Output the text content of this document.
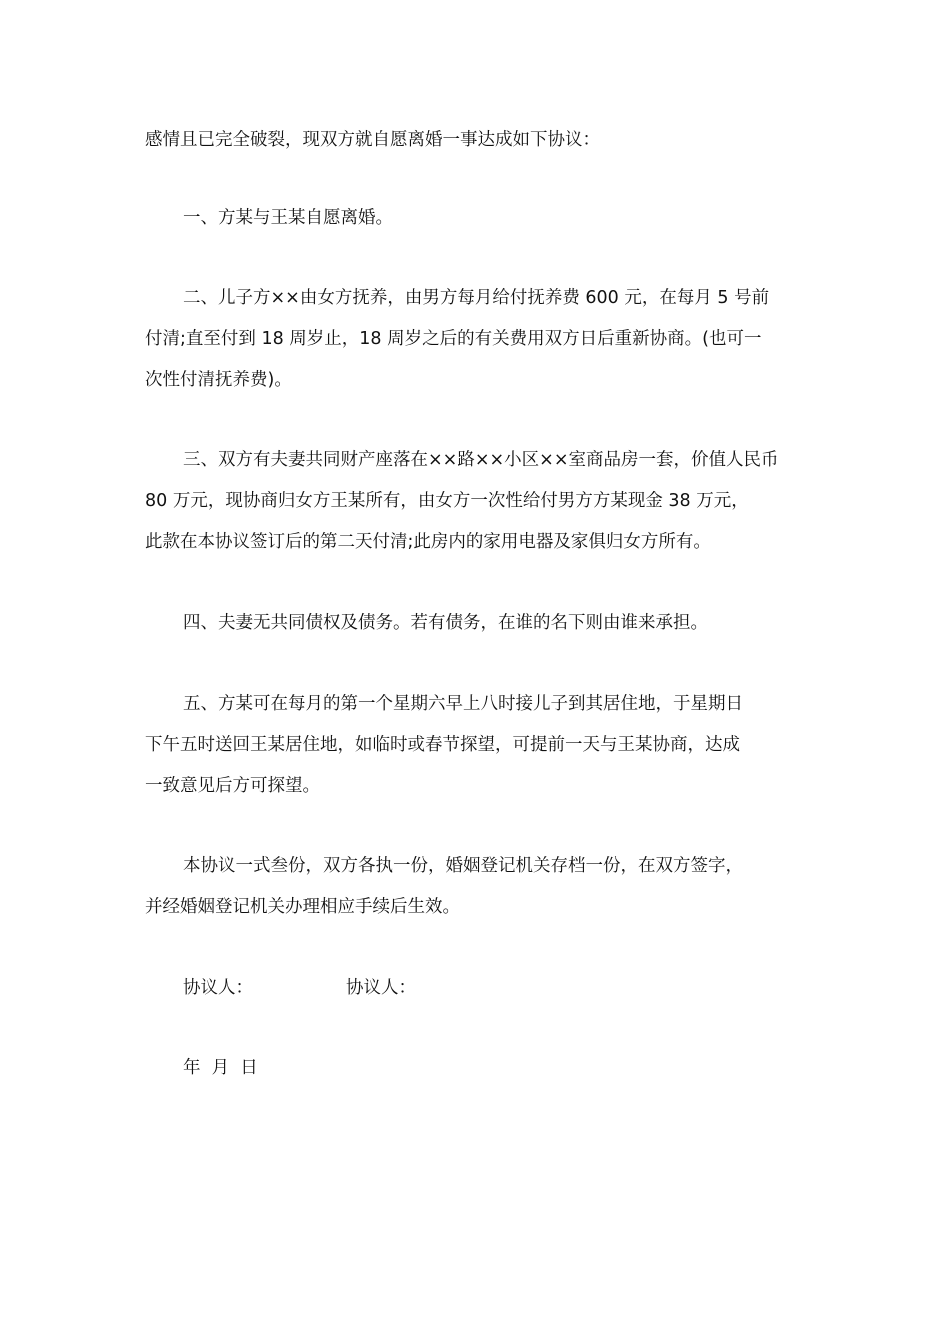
感情且已完全破裂，现双方就自愿离婚一事达成如下协议：
一、方某与王某自愿离婚。
二、儿子方××由女方抚养，由男方每月给付抚养费 600 元，在每月 5 号前
付清;直至付到 18 周岁止，18 周岁之后的有关费用双方日后重新协商。(也可一
次性付清抚养费)。
三、双方有夫妻共同财产座落在××路××小区××室商品房一套，价值人民币
80 万元，现协商归女方王某所有，由女方一次性给付男方方某现金 38 万元，
此款在本协议签订后的第二天付清;此房内的家用电器及家俱归女方所有。
四、夫妻无共同债权及债务。若有债务，在谁的名下则由谁来承担。
五、方某可在每月的第一个星期六早上八时接儿子到其居住地，于星期日
下午五时送回王某居住地，如临时或春节探望，可提前一天与王某协商，达成
一致意见后方可探望。
本协议一式叁份，双方各执一份，婚姻登记机关存档一份，在双方签字，
并经婚姻登记机关办理相应手续后生效。
协议人：	协议人：
年  月  日
